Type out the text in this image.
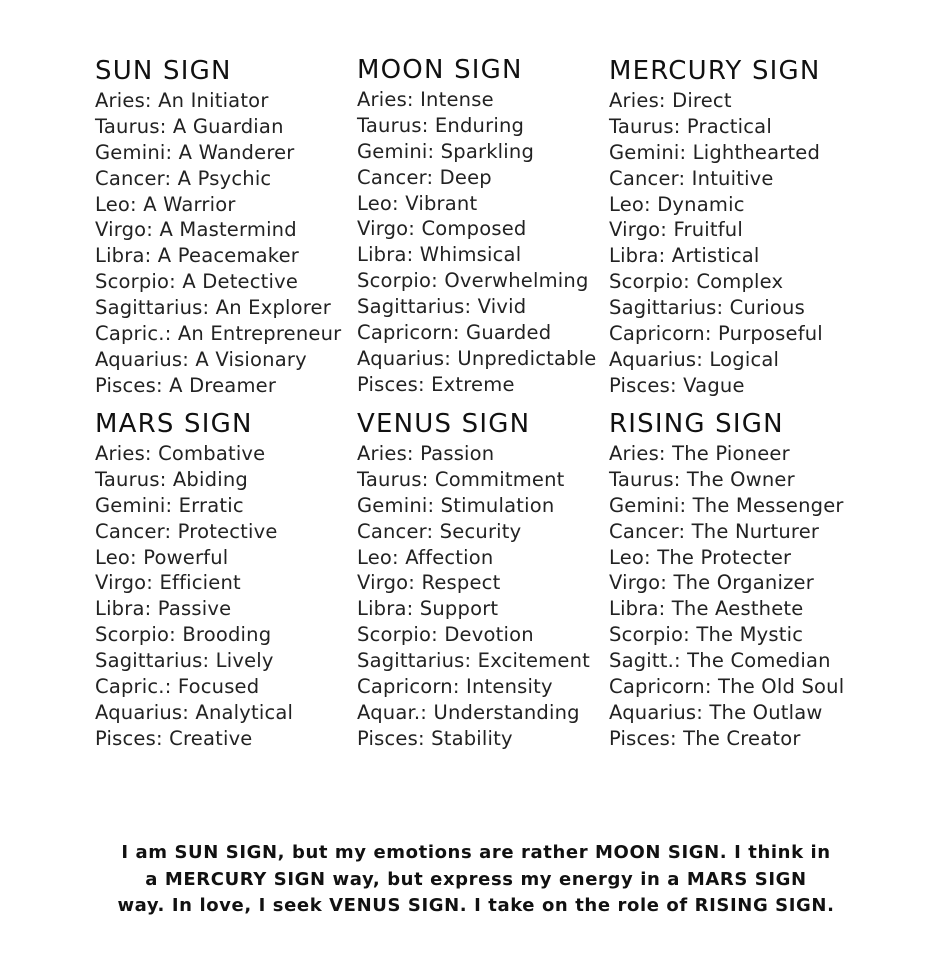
SUN SIGN
Aries: An Initiator
Taurus: A Guardian
Gemini: A Wanderer
Cancer: A Psychic
Leo: A Warrior
Virgo: A Mastermind
Libra: A Peacemaker
Scorpio: A Detective
Sagittarius: An Explorer
Capric.: An Entrepreneur
Aquarius: A Visionary
Pisces: A Dreamer
MOON SIGN
Aries: Intense
Taurus: Enduring
Gemini: Sparkling
Cancer: Deep
Leo: Vibrant
Virgo: Composed
Libra: Whimsical
Scorpio: Overwhelming
Sagittarius: Vivid
Capricorn: Guarded
Aquarius: Unpredictable
Pisces: Extreme
MERCURY SIGN
Aries: Direct
Taurus: Practical
Gemini: Lighthearted
Cancer: Intuitive
Leo: Dynamic
Virgo: Fruitful
Libra: Artistical
Scorpio: Complex
Sagittarius: Curious
Capricorn: Purposeful
Aquarius: Logical
Pisces: Vague
MARS SIGN
Aries: Combative
Taurus: Abiding
Gemini: Erratic
Cancer: Protective
Leo: Powerful
Virgo: Efficient
Libra: Passive
Scorpio: Brooding
Sagittarius: Lively
Capric.: Focused
Aquarius: Analytical
Pisces: Creative
VENUS SIGN
Aries: Passion
Taurus: Commitment
Gemini: Stimulation
Cancer: Security
Leo: Affection
Virgo: Respect
Libra: Support
Scorpio: Devotion
Sagittarius: Excitement
Capricorn: Intensity
Aquar.: Understanding
Pisces: Stability
RISING SIGN
Aries: The Pioneer
Taurus: The Owner
Gemini: The Messenger
Cancer: The Nurturer
Leo: The Protecter
Virgo: The Organizer
Libra: The Aesthete
Scorpio: The Mystic
Sagitt.: The Comedian
Capricorn: The Old Soul
Aquarius: The Outlaw
Pisces: The Creator
I am SUN SIGN, but my emotions are rather MOON SIGN. I think in
a MERCURY SIGN way, but express my energy in a MARS SIGN
way. In love, I seek VENUS SIGN. I take on the role of RISING SIGN.
